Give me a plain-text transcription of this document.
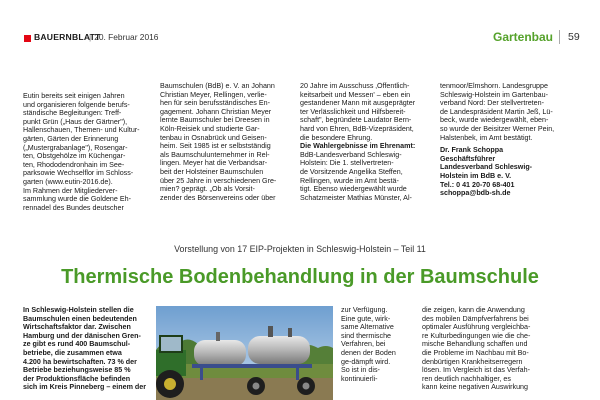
BAUERNBLATT
| 20. Februar 2016	Gartenbau 59
Eutin bereits seit einigen Jahren
und organisieren folgende berufs-
ständische Begleitungen: Treff-
punkt Grün („Haus der Gärtner"),
Hallenschauen, Themen- und Kultur-
gärten, Gärten der Erinnerung
(„Mustergrabanlage"), Rosengar-
ten, Obstgehölze im Küchengar-
ten, Rhododendronhain im See-
parksowie Wechselflor im Schloss-
garten (www.eutin-2016.de).
Im Rahmen der Mitgliederver-
sammlung wurde die Goldene Eh-
rennadel des Bundes deutscher
Baumschulen (BdB) e. V. an Johann
Christian Meyer, Rellingen, verlie-
hen für sein berufsständisches En-
gagement. Johann Christian Meyer
lernte Baumschuler bei Dreesen in
Köln-Reisiek und studierte Gar-
tenbau in Osnabrück und Geisen-
heim. Seit 1985 ist er selbstständig
als Baumschulunternehmer in Rel-
lingen. Meyer hat die Verbandsar-
beit der Holsteiner Baumschulen
über 25 Jahre in verschiedenen Gre-
mien? geprägt. „Ob als Vorsit-
zender des Börsenvereins oder über
20 Jahre im Ausschuss ‚Öffentlich-
keitsarbeit und Messen' – eben ein
gestandener Mann mit ausgeprägter
ter Verlässlichkeit und Hilfsbereit-
schaft", begründete Laudator Bern-
hard von Ehren, BdB-Vizepräsident,
die besondere Ehrung.
Die Wahlergebnisse im Ehrenamt:
BdB-Landesverband Schleswig-
Holstein: Die 1. stellvertreten-
de Vorsitzende Angelika Steffen,
Rellingen, wurde im Amt bestä-
tigt. Ebenso wiedergewählt wurde
Schatzmeister Mathias Münster, Al-
tenmoor/Elmshorn. Landesgruppe
Schleswig-Holstein im Gartenbau-
verband Nord: Der stellvertreten-
de Landespräsident Martin Jeß, Lü-
beck, wurde wiedergewählt, eben-
so wurde der Beisitzer Werner Pein,
Halstenbek, im Amt bestätigt.
Dr. Frank Schoppa
Geschäftsführer
Landesverband Schleswig-
Holstein im BdB e. V.
Tel.: 0 41 20-70 68-401
schoppa@bdb-sh.de
Vorstellung von 17 EIP-Projekten in Schleswig-Holstein – Teil 11
Thermische Bodenbehandlung in der Baumschule
In Schleswig-Holstein stellen die
Baumschulen einen bedeutenden
Wirtschaftsfaktor dar. Zwischen
Hamburg und der dänischen Gren-
ze gibt es rund 400 Baumschul-
betriebe, die zusammen etwa
4.200 ha bewirtschaften. 73 % der
Betriebe beziehungsweise 85 %
der Produktionsfläche befinden
sich im Kreis Pinneberg – einem der
zur Verfügung.
Eine gute, wirk-
same Alternative
sind thermische
Verfahren, bei
denen der Boden
ge-dämpft wird.
So ist in dis-
kontinuierli-
die zeigen, kann die Anwendung
des mobilen Dämpfverfahrens bei
optimaler Ausführung vergleichba-
re Kulturbedingungen wie die che-
mische Behandlung schaffen und
die Probleme im Nachbau mit Bo-
denbürtigen Krankheitserregern
lösen. Im Vergleich ist das Verfah-
ren deutlich nachhaltiger, es
kann keine negativen Auswirkung
